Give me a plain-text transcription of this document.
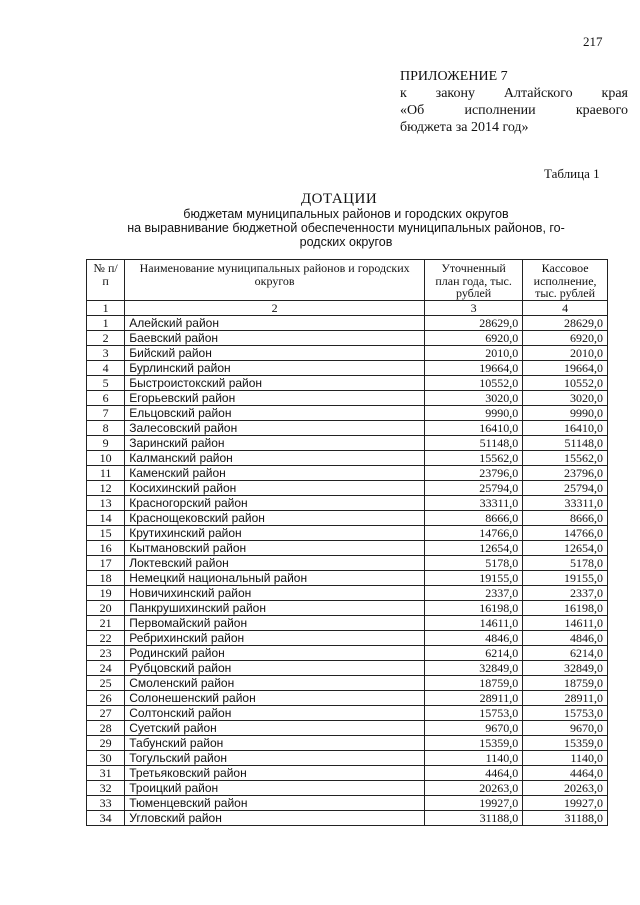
217
ПРИЛОЖЕНИЕ 7
к закону Алтайского края
«Об	исполнении	краевого
бюджета за 2014 год»
Таблица 1
ДОТАЦИИ
бюджетам муниципальных районов и городских округов
на выравнивание бюджетной обеспеченности муниципальных районов, го-
родских округов
№ п/п	Наименование муниципальных районов и городских округов	Уточненный план года, тыс. рублей	Кассовое исполнение, тыс. рублей
1	2	3	4
1	Алейский район	28629,0	28629,0
2	Баевский район	6920,0	6920,0
3	Бийский район	2010,0	2010,0
4	Бурлинский район	19664,0	19664,0
5	Быстроистокский район	10552,0	10552,0
6	Егорьевский район	3020,0	3020,0
7	Ельцовский район	9990,0	9990,0
8	Залесовский район	16410,0	16410,0
9	Заринский район	51148,0	51148,0
10	Калманский район	15562,0	15562,0
11	Каменский район	23796,0	23796,0
12	Косихинский район	25794,0	25794,0
13	Красногорский район	33311,0	33311,0
14	Краснощековский район	8666,0	8666,0
15	Крутихинский район	14766,0	14766,0
16	Кытмановский район	12654,0	12654,0
17	Локтевский район	5178,0	5178,0
18	Немецкий национальный район	19155,0	19155,0
19	Новичихинский район	2337,0	2337,0
20	Панкрушихинский район	16198,0	16198,0
21	Первомайский район	14611,0	14611,0
22	Ребрихинский район	4846,0	4846,0
23	Родинский район	6214,0	6214,0
24	Рубцовский район	32849,0	32849,0
25	Смоленский район	18759,0	18759,0
26	Солонешенский район	28911,0	28911,0
27	Солтонский район	15753,0	15753,0
28	Суетский район	9670,0	9670,0
29	Табунский район	15359,0	15359,0
30	Тогульский район	1140,0	1140,0
31	Третьяковский район	4464,0	4464,0
32	Троицкий район	20263,0	20263,0
33	Тюменцевский район	19927,0	19927,0
34	Угловский район	31188,0	31188,0
